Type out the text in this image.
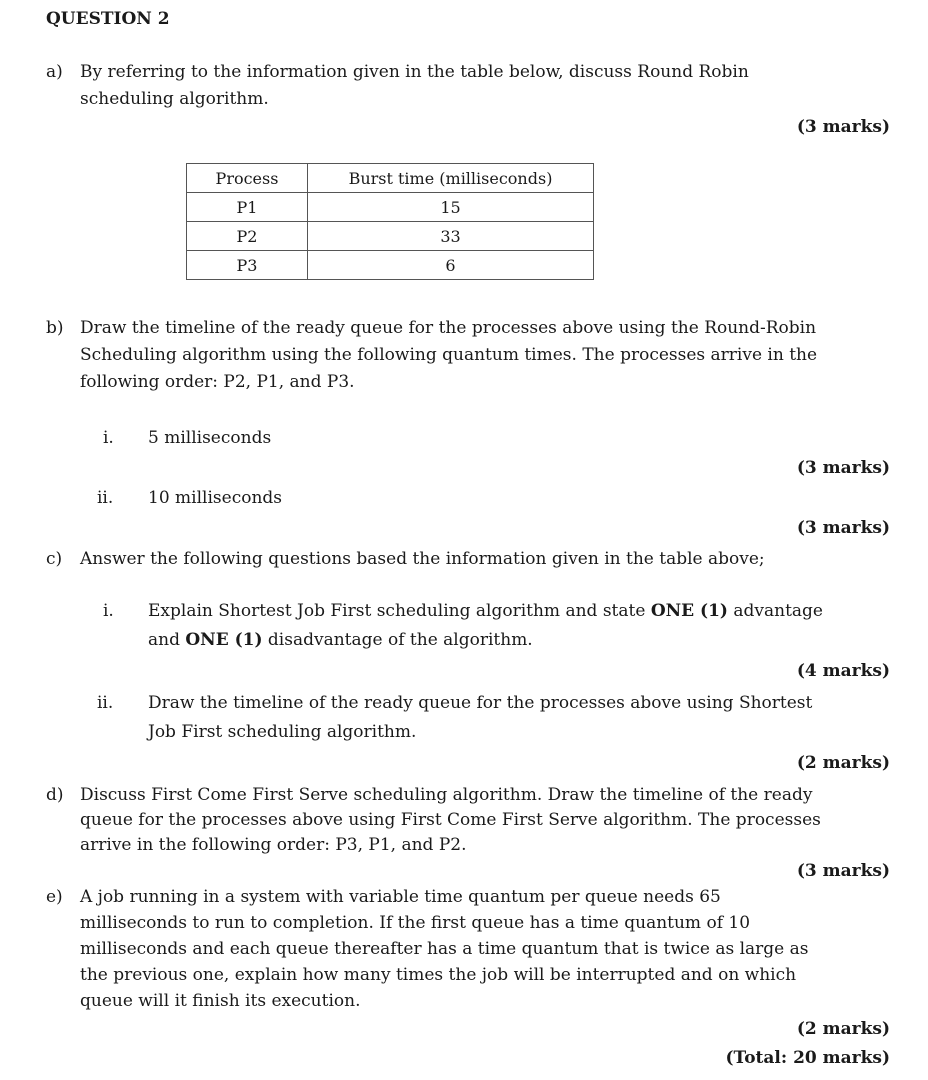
QUESTION 2
a) By referring to the information given in the table below, discuss Round Robin
scheduling algorithm.
(3 marks)
Process	Burst time (milliseconds)
P1	15
P2	33
P3	6
b) Draw the timeline of the ready queue for the processes above using the Round-Robin
Scheduling algorithm using the following quantum times. The processes arrive in the
following order: P2, P1, and P3.
i. 5 milliseconds
(3 marks)
ii. 10 milliseconds
(3 marks)
c) Answer the following questions based the information given in the table above;
i. Explain Shortest Job First scheduling algorithm and state ONE (1) advantage
and ONE (1) disadvantage of the algorithm.
(4 marks)
ii. Draw the timeline of the ready queue for the processes above using Shortest
Job First scheduling algorithm.
(2 marks)
d) Discuss First Come First Serve scheduling algorithm. Draw the timeline of the ready
queue for the processes above using First Come First Serve algorithm. The processes
arrive in the following order: P3, P1, and P2.
(3 marks)
e) A job running in a system with variable time quantum per queue needs 65
milliseconds to run to completion. If the first queue has a time quantum of 10
milliseconds and each queue thereafter has a time quantum that is twice as large as
the previous one, explain how many times the job will be interrupted and on which
queue will it finish its execution.
(2 marks)
(Total: 20 marks)
